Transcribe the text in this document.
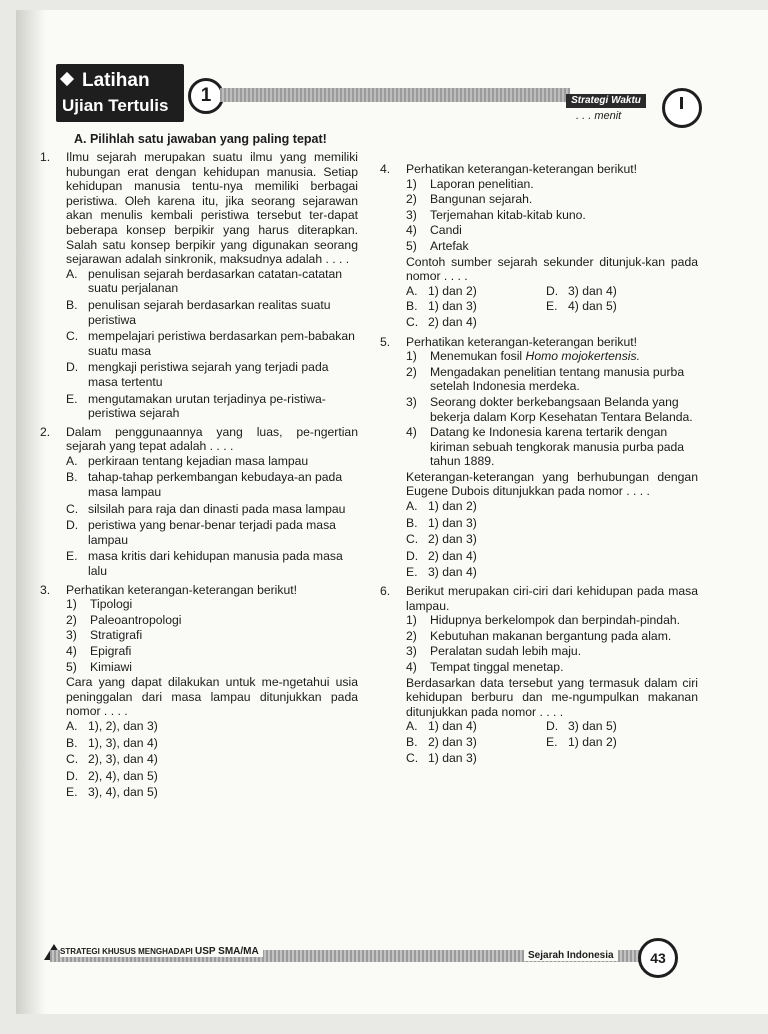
Latihan
Ujian Tertulis	1	Strategi Waktu
. . . menit
A. Pilihlah satu jawaban yang paling tepat!
1. Ilmu sejarah merupakan suatu ilmu yang memiliki hubungan erat dengan kehidupan manusia. Setiap kehidupan manusia tentu-nya memiliki berbagai peristiwa. Oleh karena itu, jika seorang sejarawan akan menulis kembali peristiwa tersebut ter-dapat beberapa konsep berpikir yang harus diterapkan. Salah satu konsep berpikir yang digunakan seorang sejarawan adalah sinkronik, maksudnya adalah . . . .

A. penulisan sejarah berdasarkan catatan-catatan suatu perjalanan
B. penulisan sejarah berdasarkan realitas suatu peristiwa
C. mempelajari peristiwa berdasarkan pem-babakan suatu masa
D. mengkaji peristiwa sejarah yang terjadi pada masa tertentu
E. mengutamakan urutan terjadinya pe-ristiwa-peristiwa sejarah
2. Dalam penggunaannya yang luas, pe-ngertian sejarah yang tepat adalah . . . .

A. perkiraan tentang kejadian masa lampau
B. tahap-tahap perkembangan kebudaya-an pada masa lampau
C. silsilah para raja dan dinasti pada masa lampau
D. peristiwa yang benar-benar terjadi pada masa lampau
E. masa kritis dari kehidupan manusia pada masa lalu
3. Perhatikan keterangan-keterangan berikut!

1) Tipologi
2) Paleoantropologi
3) Stratigrafi
4) Epigrafi
5) Kimiawi

Cara yang dapat dilakukan untuk me-ngetahui usia peninggalan dari masa lampau ditunjukkan pada nomor . . . .

A. 1), 2), dan 3)
B. 1), 3), dan 4)
C. 2), 3), dan 4)
D. 2), 4), dan 5)
E. 3), 4), dan 5)
4. Perhatikan keterangan-keterangan berikut!

1) Laporan penelitian.
2) Bangunan sejarah.
3) Terjemahan kitab-kitab kuno.
4) Candi
5) Artefak

Contoh sumber sejarah sekunder ditunjuk-kan pada nomor . . . .

A. 1) dan 2)	D. 3) dan 4)
B. 1) dan 3)	E. 4) dan 5)
C. 2) dan 4)
5. Perhatikan keterangan-keterangan berikut!

1) Menemukan fosil Homo mojokertensis.
2) Mengadakan penelitian tentang manusia purba setelah Indonesia merdeka.
3) Seorang dokter berkebangsaan Belanda yang bekerja dalam Korp Kesehatan Tentara Belanda.
4) Datang ke Indonesia karena tertarik dengan kiriman sebuah tengkorak manusia purba pada tahun 1889.

Keterangan-keterangan yang berhubungan dengan Eugene Dubois ditunjukkan pada nomor . . . .

A. 1) dan 2)
B. 1) dan 3)
C. 2) dan 3)
D. 2) dan 4)
E. 3) dan 4)
6. Berikut merupakan ciri-ciri dari kehidupan pada masa lampau.

1) Hidupnya berkelompok dan berpindah-pindah.
2) Kebutuhan makanan bergantung pada alam.
3) Peralatan sudah lebih maju.
4) Tempat tinggal menetap.

Berdasarkan data tersebut yang termasuk dalam ciri kehidupan berburu dan me-ngumpulkan makanan ditunjukkan pada nomor . . . .

A. 1) dan 4)	D. 3) dan 5)
B. 2) dan 3)	E. 1) dan 2)
C. 1) dan 3)
STRATEGI KHUSUS MENGHADAPI USP SMA/MA	Sejarah Indonesia	43
